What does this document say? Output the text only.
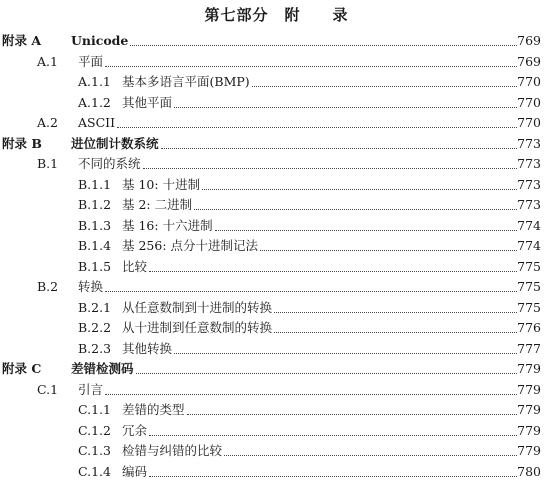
第七部分　附　　录
附录 A Unicode	769
A.1 平面	769
A.1.1 基本多语言平面(BMP)	770
A.1.2 其他平面	770
A.2 ASCII	770
附录 B 进位制计数系统	773
B.1 不同的系统	773
B.1.1 基 10: 十进制	773
B.1.2 基 2: 二进制	773
B.1.3 基 16: 十六进制	774
B.1.4 基 256: 点分十进制记法	774
B.1.5 比较	775
B.2 转换	775
B.2.1 从任意数制到十进制的转换	775
B.2.2 从十进制到任意数制的转换	776
B.2.3 其他转换	777
附录 C 差错检测码	779
C.1 引言	779
C.1.1 差错的类型	779
C.1.2 冗余	779
C.1.3 检错与纠错的比较	779
C.1.4 编码	780
